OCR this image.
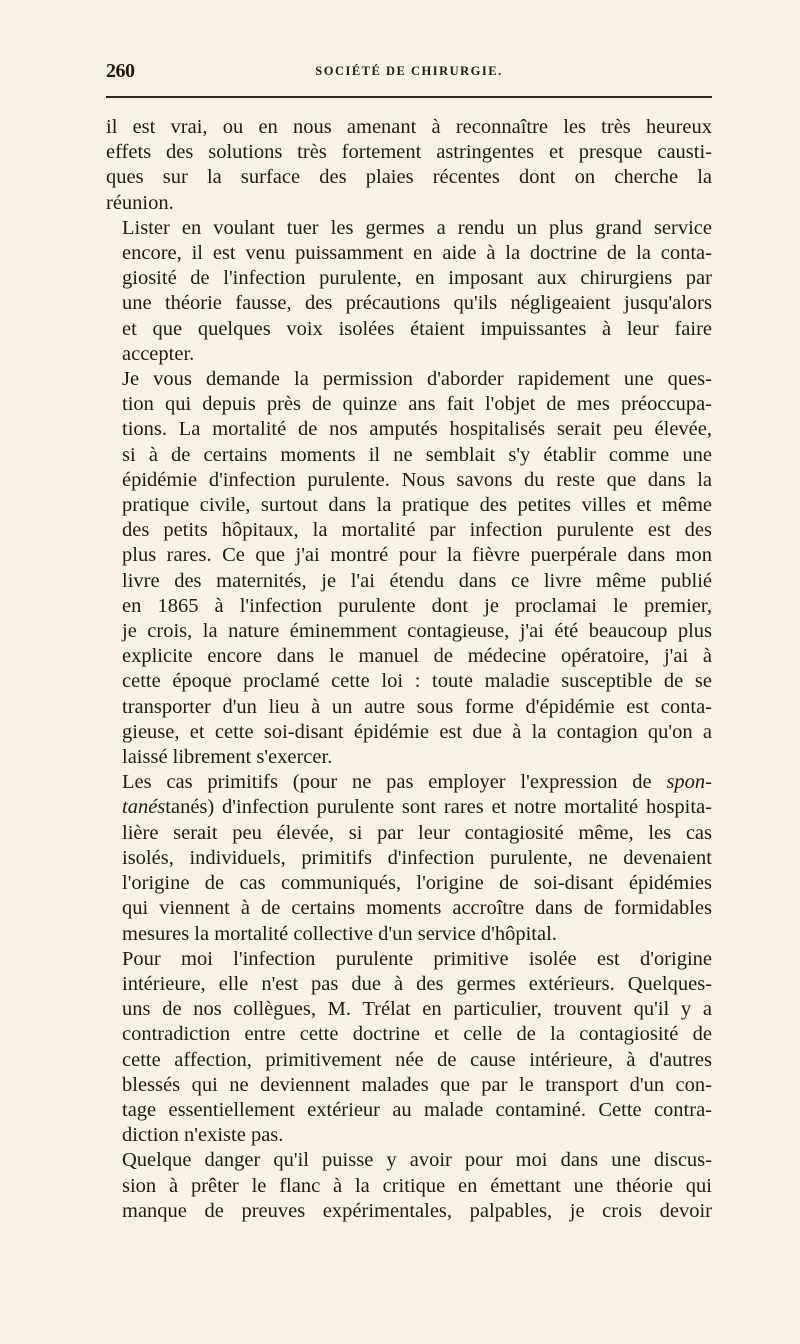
260	SOCIÉTÉ DE CHIRURGIE.

il est vrai, ou en nous amenant à reconnaître les très heureux
effets des solutions très fortement astringentes et presque causti-
ques sur la surface des plaies récentes dont on cherche la
réunion.

Lister en voulant tuer les germes a rendu un plus grand service
encore, il est venu puissamment en aide à la doctrine de la conta-
giosité de l'infection purulente, en imposant aux chirurgiens par
une théorie fausse, des précautions qu'ils négligeaient jusqu'alors
et que quelques voix isolées étaient impuissantes à leur faire
accepter.

Je vous demande la permission d'aborder rapidement une ques-
tion qui depuis près de quinze ans fait l'objet de mes préoccupa-
tions. La mortalité de nos amputés hospitalisés serait peu élevée,
si à de certains moments il ne semblait s'y établir comme une
épidémie d'infection purulente. Nous savons du reste que dans la
pratique civile, surtout dans la pratique des petites villes et même
des petits hôpitaux, la mortalité par infection purulente est des
plus rares. Ce que j'ai montré pour la fièvre puerpérale dans mon
livre des maternités, je l'ai étendu dans ce livre même publié
en 1865 à l'infection purulente dont je proclamai le premier,
je crois, la nature éminemment contagieuse, j'ai été beaucoup plus
explicite encore dans le manuel de médecine opératoire, j'ai à
cette époque proclamé cette loi : toute maladie susceptible de se
transporter d'un lieu à un autre sous forme d'épidémie est conta-
gieuse, et cette soi-disant épidémie est due à la contagion qu'on a
laissé librement s'exercer.

Les cas primitifs (pour ne pas employer l'expression de spon-
tanéstanés) d'infection purulente sont rares et notre mortalité hospita-
lière serait peu élevée, si par leur contagiosité même, les cas
isolés, individuels, primitifs d'infection purulente, ne devenaient
l'origine de cas communiqués, l'origine de soi-disant épidémies
qui viennent à de certains moments accroître dans de formidables
mesures la mortalité collective d'un service d'hôpital.

Pour moi l'infection purulente primitive isolée est d'origine
intérieure, elle n'est pas due à des germes extérieurs. Quelques-
uns de nos collègues, M. Trélat en particulier, trouvent qu'il y a
contradiction entre cette doctrine et celle de la contagiosité de
cette affection, primitivement née de cause intérieure, à d'autres
blessés qui ne deviennent malades que par le transport d'un con-
tage essentiellement extérieur au malade contaminé. Cette contra-
diction n'existe pas.

Quelque danger qu'il puisse y avoir pour moi dans une discus-
sion à prêter le flanc à la critique en émettant une théorie qui
manque de preuves expérimentales, palpables, je crois devoir
